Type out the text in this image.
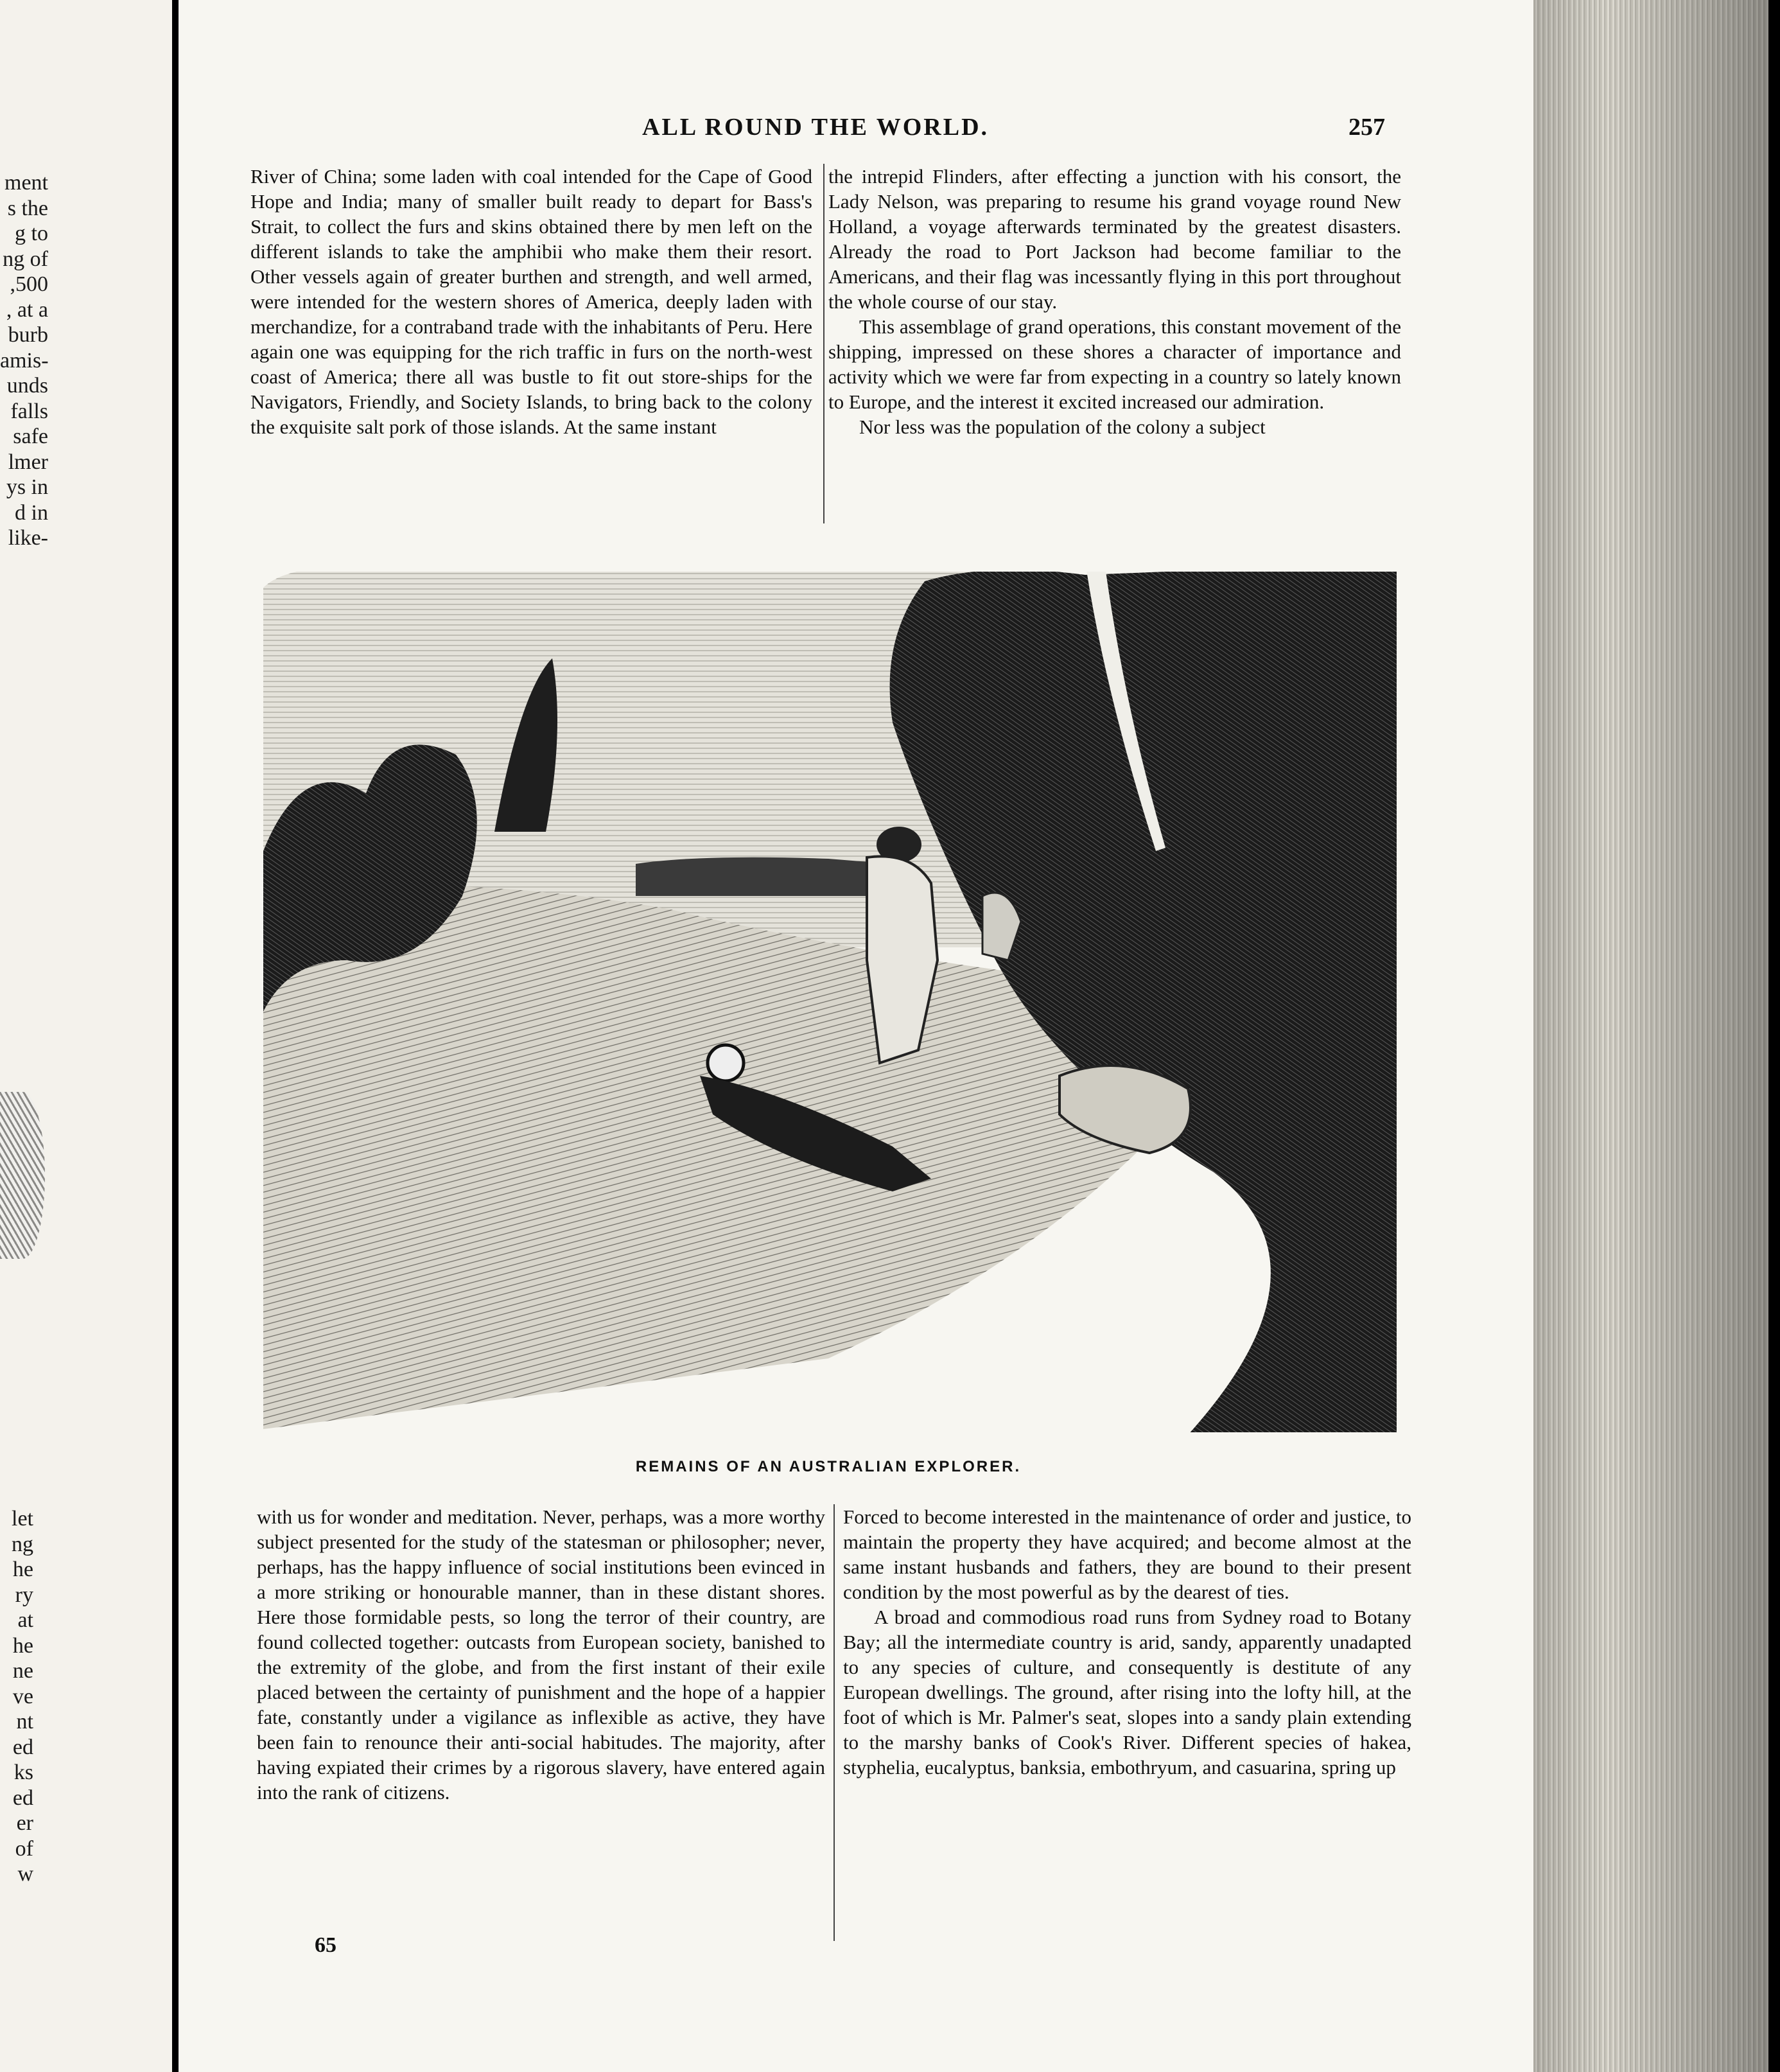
ment
s the
g to
ng of
,500
, at a
burb
amis-
unds
falls
safe
lmer
ys in
d in
like-
let
ng
he
ry
at
he
ne
ve
nt
ed
ks
ed
er
of
w
ALL ROUND THE WORLD.	257

River of China; some laden with coal intended for the Cape of Good Hope and India; many of smaller built ready to depart for Bass's Strait, to collect the furs and skins obtained there by men left on the different islands to take the amphibii who make them their resort. Other vessels again of greater burthen and strength, and well armed, were intended for the western shores of America, deeply laden with merchandize, for a contraband trade with the inhabitants of Peru. Here again one was equipping for the rich traffic in furs on the north-west coast of America; there all was bustle to fit out store-ships for the Navigators, Friendly, and Society Islands, to bring back to the colony the exquisite salt pork of those islands. At the same instant

the intrepid Flinders, after effecting a junction with his consort, the Lady Nelson, was preparing to resume his grand voyage round New Holland, a voyage afterwards terminated by the greatest disasters. Already the road to Port Jackson had become familiar to the Americans, and their flag was incessantly flying in this port throughout the whole course of our stay.

This assemblage of grand operations, this constant movement of the shipping, impressed on these shores a character of importance and activity which we were far from expecting in a country so lately known to Europe, and the interest it excited increased our admiration.

Nor less was the population of the colony a subject

REMAINS OF AN AUSTRALIAN EXPLORER.

with us for wonder and meditation. Never, perhaps, was a more worthy subject presented for the study of the statesman or philosopher; never, perhaps, has the happy influence of social institutions been evinced in a more striking or honourable manner, than in these distant shores. Here those formidable pests, so long the terror of their country, are found collected together: outcasts from European society, banished to the extremity of the globe, and from the first instant of their exile placed between the certainty of punishment and the hope of a happier fate, constantly under a vigilance as inflexible as active, they have been fain to renounce their anti-social habitudes. The majority, after having expiated their crimes by a rigorous slavery, have entered again into the rank of citizens.

Forced to become interested in the maintenance of order and justice, to maintain the property they have acquired; and become almost at the same instant husbands and fathers, they are bound to their present condition by the most powerful as by the dearest of ties.

A broad and commodious road runs from Sydney road to Botany Bay; all the intermediate country is arid, sandy, apparently unadapted to any species of culture, and consequently is destitute of any European dwellings. The ground, after rising into the lofty hill, at the foot of which is Mr. Palmer's seat, slopes into a sandy plain extending to the marshy banks of Cook's River. Different species of hakea, styphelia, eucalyptus, banksia, embothryum, and casuarina, spring up

65
